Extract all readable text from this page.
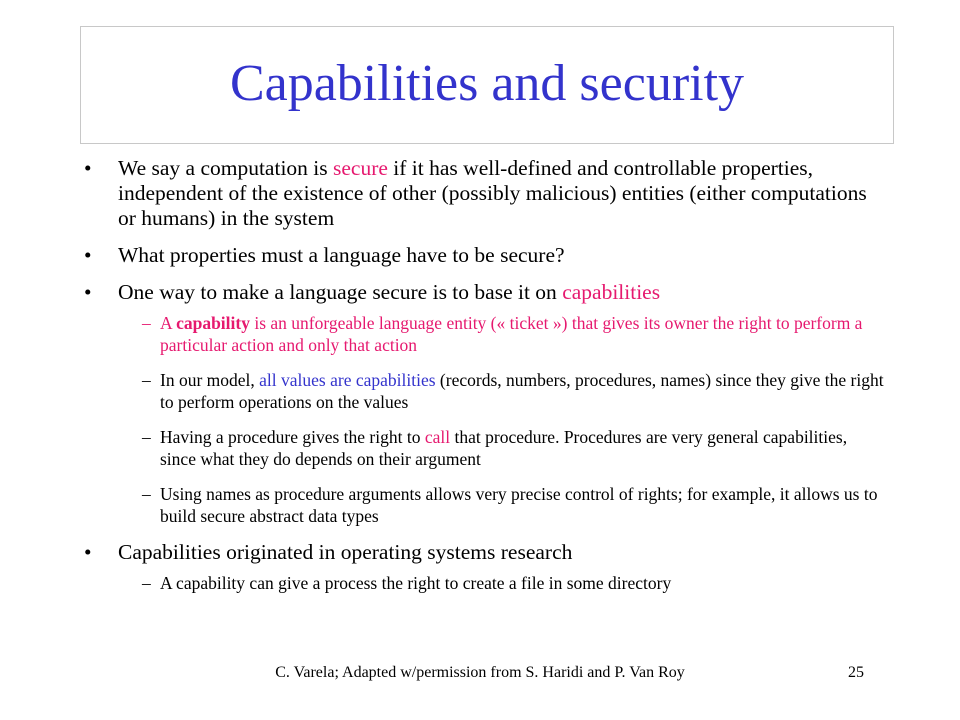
Capabilities and security
• We say a computation is secure if it has well-defined and controllable properties, independent of the existence of other (possibly malicious) entities (either computations or humans) in the system
• What properties must a language have to be secure?
• One way to make a language secure is to base it on capabilities
– A capability is an unforgeable language entity (« ticket ») that gives its owner the right to perform a particular action and only that action
– In our model, all values are capabilities (records, numbers, procedures, names) since they give the right to perform operations on the values
– Having a procedure gives the right to call that procedure. Procedures are very general capabilities, since what they do depends on their argument
– Using names as procedure arguments allows very precise control of rights; for example, it allows us to build secure abstract data types
• Capabilities originated in operating systems research
– A capability can give a process the right to create a file in some directory
C. Varela; Adapted w/permission from S. Haridi and P. Van Roy	25
